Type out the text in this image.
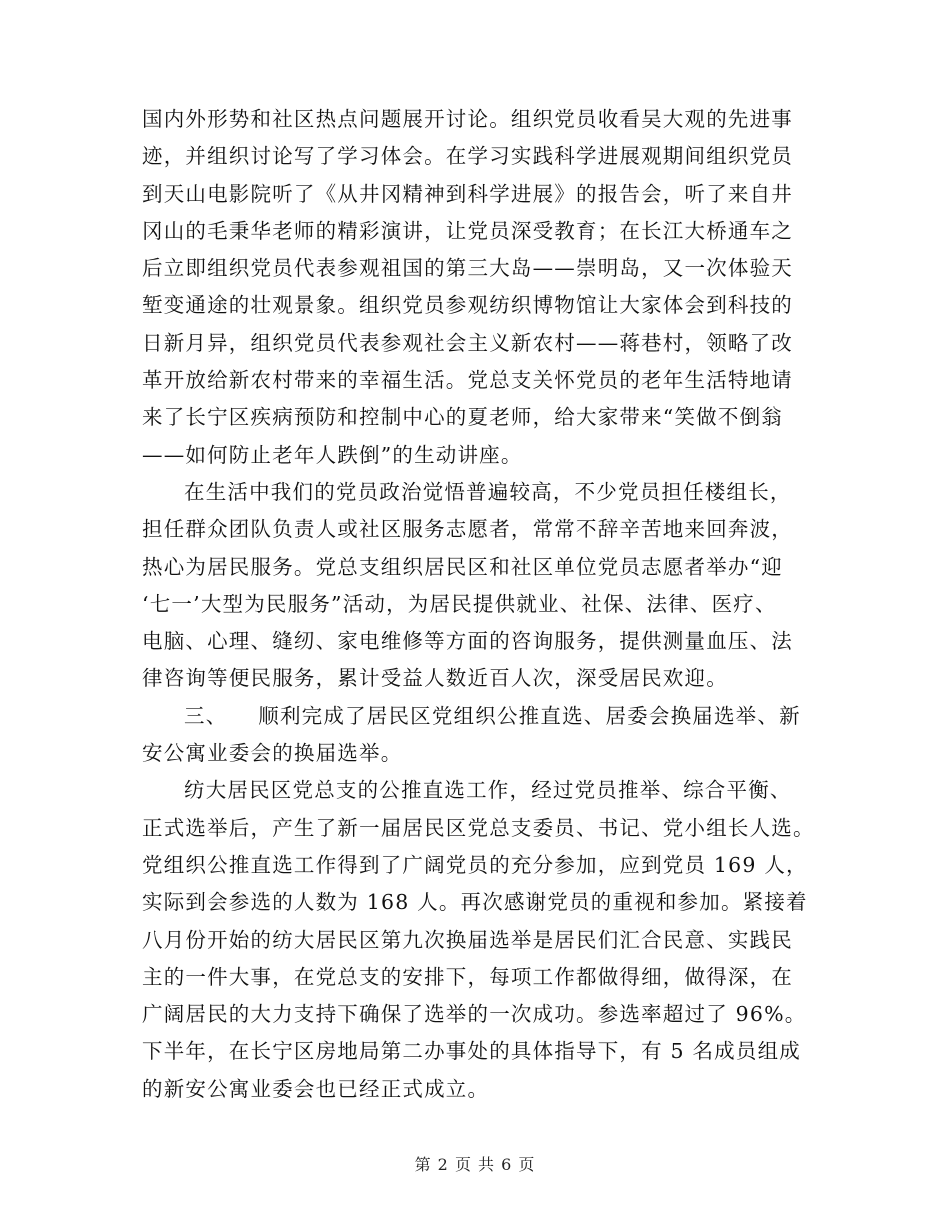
国内外形势和社区热点问题展开讨论。组织党员收看吴大观的先进事
迹，并组织讨论写了学习体会。在学习实践科学进展观期间组织党员
到天山电影院听了《从井冈精神到科学进展》的报告会，听了来自井
冈山的毛秉华老师的精彩演讲，让党员深受教育；在长江大桥通车之
后立即组织党员代表参观祖国的第三大岛——崇明岛，又一次体验天
堑变通途的壮观景象。组织党员参观纺织博物馆让大家体会到科技的
日新月异，组织党员代表参观社会主义新农村——蒋巷村，领略了改
革开放给新农村带来的幸福生活。党总支关怀党员的老年生活特地请
来了长宁区疾病预防和控制中心的夏老师，给大家带来“笑做不倒翁
——如何防止老年人跌倒”的生动讲座。
在生活中我们的党员政治觉悟普遍较高，不少党员担任楼组长，
担任群众团队负责人或社区服务志愿者，常常不辞辛苦地来回奔波，
热心为居民服务。党总支组织居民区和社区单位党员志愿者举办“迎
‘七一’大型为民服务”活动，为居民提供就业、社保、法律、医疗、
电脑、心理、缝纫、家电维修等方面的咨询服务，提供测量血压、法
律咨询等便民服务，累计受益人数近百人次，深受居民欢迎。
三、    顺利完成了居民区党组织公推直选、居委会换届选举、新
安公寓业委会的换届选举。
纺大居民区党总支的公推直选工作，经过党员推举、综合平衡、
正式选举后，产生了新一届居民区党总支委员、书记、党小组长人选。
党组织公推直选工作得到了广阔党员的充分参加，应到党员 169 人，
实际到会参选的人数为 168 人。再次感谢党员的重视和参加。紧接着
八月份开始的纺大居民区第九次换届选举是居民们汇合民意、实践民
主的一件大事，在党总支的安排下，每项工作都做得细，做得深，在
广阔居民的大力支持下确保了选举的一次成功。参选率超过了 96%。
下半年，在长宁区房地局第二办事处的具体指导下，有 5 名成员组成
的新安公寓业委会也已经正式成立。
第 2 页 共 6 页
